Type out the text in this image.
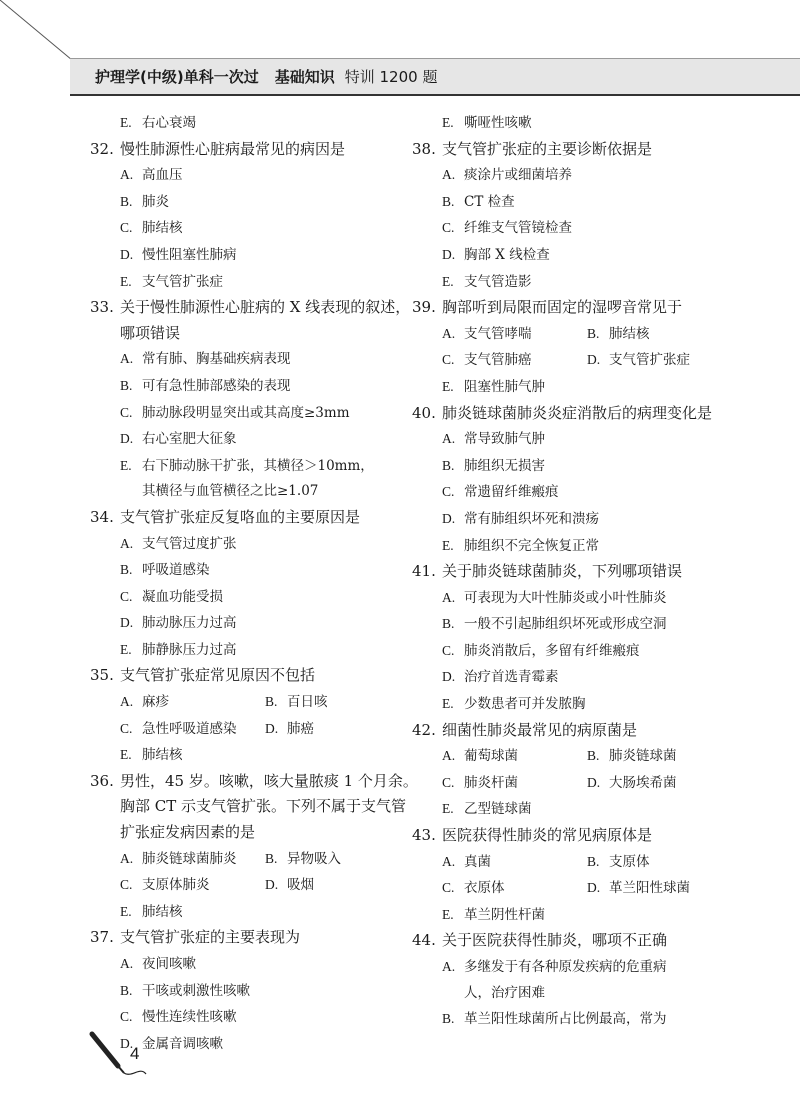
护理学(中级)单科一次过 基础知识 特训 1200 题
E. 右心衰竭
32. 慢性肺源性心脏病最常见的病因是
A. 高血压
B. 肺炎
C. 肺结核
D. 慢性阻塞性肺病
E. 支气管扩张症
33. 关于慢性肺源性心脏病的 X 线表现的叙述，哪项错误
A. 常有肺、胸基础疾病表现
B. 可有急性肺部感染的表现
C. 肺动脉段明显突出或其高度≥3mm
D. 右心室肥大征象
E. 右下肺动脉干扩张，其横径＞10mm，
其横径与血管横径之比≥1.07
34. 支气管扩张症反复咯血的主要原因是
A. 支气管过度扩张
B. 呼吸道感染
C. 凝血功能受损
D. 肺动脉压力过高
E. 肺静脉压力过高
35. 支气管扩张症常见原因不包括
A. 麻疹	B. 百日咳
C. 急性呼吸道感染	D. 肺癌
E. 肺结核
36. 男性，45 岁。咳嗽，咳大量脓痰 1 个月余。胸部 CT 示支气管扩张。下列不属于支气管扩张症发病因素的是
A. 肺炎链球菌肺炎	B. 异物吸入
C. 支原体肺炎	D. 吸烟
E. 肺结核
37. 支气管扩张症的主要表现为
A. 夜间咳嗽
B. 干咳或刺激性咳嗽
C. 慢性连续性咳嗽
D. 金属音调咳嗽
E. 嘶哑性咳嗽
38. 支气管扩张症的主要诊断依据是
A. 痰涂片或细菌培养
B. CT 检查
C. 纤维支气管镜检查
D. 胸部 X 线检查
E. 支气管造影
39. 胸部听到局限而固定的湿啰音常见于
A. 支气管哮喘	B. 肺结核
C. 支气管肺癌	D. 支气管扩张症
E. 阻塞性肺气肿
40. 肺炎链球菌肺炎炎症消散后的病理变化是
A. 常导致肺气肿
B. 肺组织无损害
C. 常遗留纤维瘢痕
D. 常有肺组织坏死和溃疡
E. 肺组织不完全恢复正常
41. 关于肺炎链球菌肺炎，下列哪项错误
A. 可表现为大叶性肺炎或小叶性肺炎
B. 一般不引起肺组织坏死或形成空洞
C. 肺炎消散后，多留有纤维瘢痕
D. 治疗首选青霉素
E. 少数患者可并发脓胸
42. 细菌性肺炎最常见的病原菌是
A. 葡萄球菌	B. 肺炎链球菌
C. 肺炎杆菌	D. 大肠埃希菌
E. 乙型链球菌
43. 医院获得性肺炎的常见病原体是
A. 真菌	B. 支原体
C. 衣原体	D. 革兰阳性球菌
E. 革兰阴性杆菌
44. 关于医院获得性肺炎，哪项不正确
A. 多继发于有各种原发疾病的危重病
人，治疗困难
B. 革兰阳性球菌所占比例最高，常为
4
